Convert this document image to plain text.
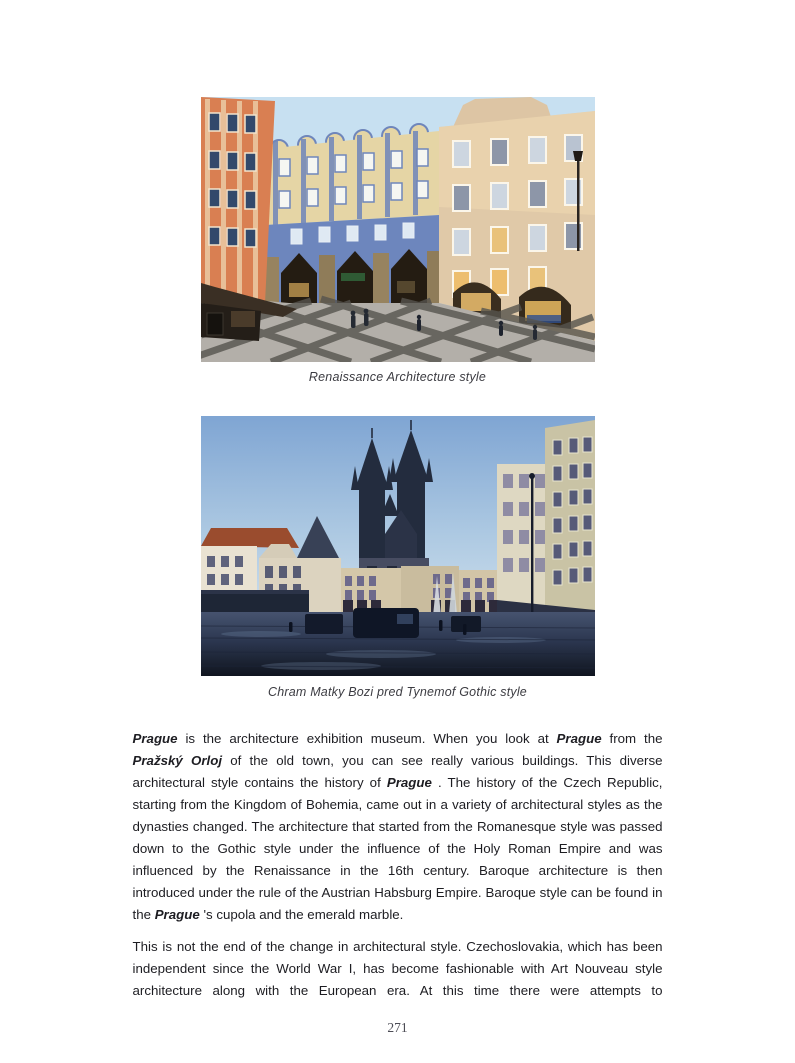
Renaissance Architecture style
Chram Matky Bozi pred Tynemof Gothic style

Prague is the architecture exhibition museum. When you look at Prague from the Pražský Orloj of the old town, you can see really various buildings. This diverse architectural style contains the history of Prague . The history of the Czech Republic, starting from the Kingdom of Bohemia, came out in a variety of architectural styles as the dynasties changed. The architecture that started from the Romanesque style was passed down to the Gothic style under the influence of the Holy Roman Empire and was influenced by the Renaissance in the 16th century. Baroque architecture is then introduced under the rule of the Austrian Habsburg Empire. Baroque style can be found in the Prague 's cupola and the emerald marble.

This is not the end of the change in architectural style. Czechoslovakia, which has been independent since the World War I, has become fashionable with Art Nouveau style architecture along with the European era. At this time there were attempts to

271
